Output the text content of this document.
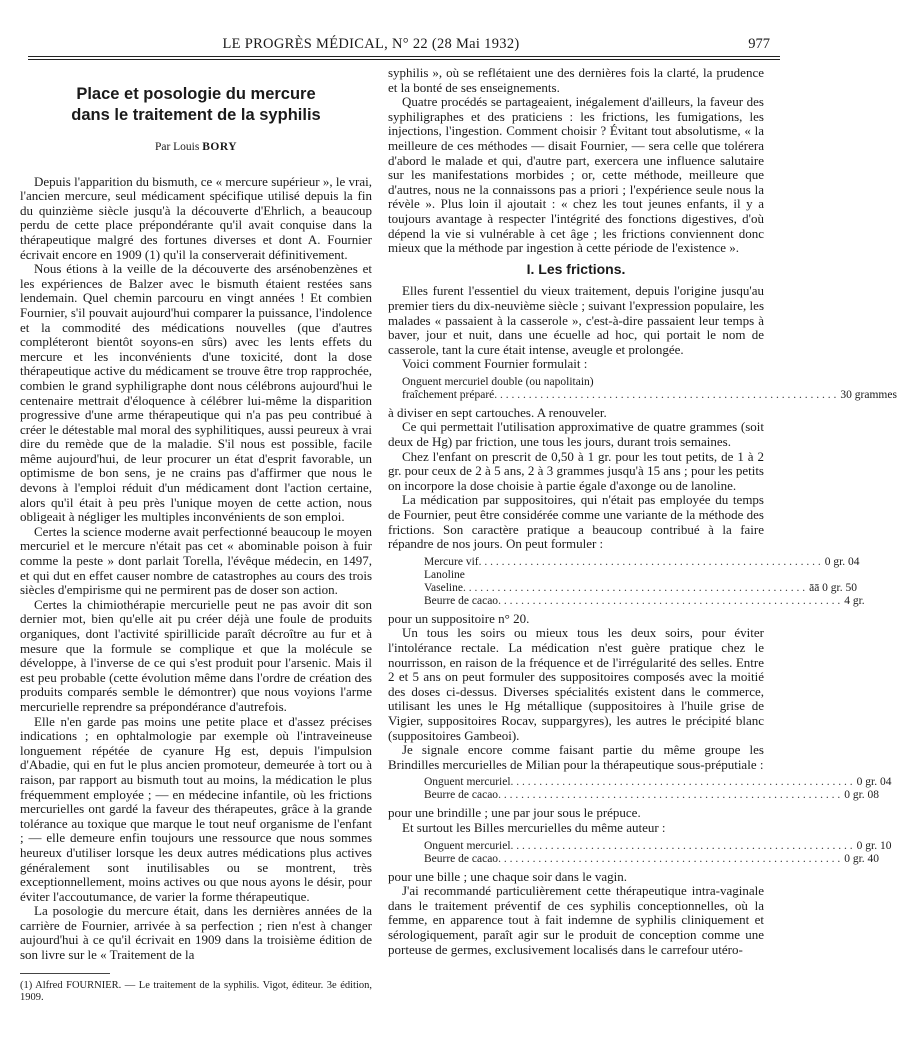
LE PROGRÈS MÉDICAL, N° 22 (28 Mai 1932)	977
Place et posologie du mercure
dans le traitement de la syphilis
Par Louis BORY

Depuis l'apparition du bismuth, ce « mercure supérieur », le vrai, l'ancien mercure, seul médicament spécifique utilisé depuis la fin du quinzième siècle jusqu'à la découverte d'Ehrlich, a beaucoup perdu de cette place prépondérante qu'il avait conquise dans la thérapeutique malgré des fortunes diverses et dont A. Fournier écrivait encore en 1909 (1) qu'il la conserverait définitivement.

Nous étions à la veille de la découverte des arsénobenzènes et les expériences de Balzer avec le bismuth étaient restées sans lendemain. Quel chemin parcouru en vingt années ! Et combien Fournier, s'il pouvait aujourd'hui comparer la puissance, l'indolence et la commodité des médications nouvelles (que d'autres compléteront bientôt soyons-en sûrs) avec les lents effets du mercure et les inconvénients d'une toxicité, dont la dose thérapeutique active du médicament se trouve être trop rapprochée, combien le grand syphiligraphe dont nous célébrons aujourd'hui le centenaire mettrait d'éloquence à célébrer lui-même la disparition progressive d'une arme thérapeutique qui n'a pas peu contribué à créer le détestable mal moral des syphilitiques, aussi peureux à vrai dire du remède que de la maladie. S'il nous est possible, facile même aujourd'hui, de leur procurer un état d'esprit favorable, un optimisme de bon sens, je ne crains pas d'affirmer que nous le devons à l'emploi réduit d'un médicament dont l'action certaine, alors qu'il était à peu près l'unique moyen de cette action, nous obligeait à négliger les multiples inconvénients de son emploi.

Certes la science moderne avait perfectionné beaucoup le moyen mercuriel et le mercure n'était pas cet « abominable poison à fuir comme la peste » dont parlait Torella, l'évêque médecin, en 1497, et qui dut en effet causer nombre de catastrophes au cours des trois siècles d'empirisme qui ne permirent pas de doser son action.

Certes la chimiothérapie mercurielle peut ne pas avoir dit son dernier mot, bien qu'elle ait pu créer déjà une foule de produits organiques, dont l'activité spirillicide paraît décroître au fur et à mesure que la formule se complique et que la molécule se développe, à l'inverse de ce qui s'est produit pour l'arsenic. Mais il est peu probable (cette évolution même dans l'ordre de création des produits comparés semble le démontrer) que nous voyions l'arme mercurielle reprendre sa prépondérance d'autrefois.

Elle n'en garde pas moins une petite place et d'assez précises indications ; en ophtalmologie par exemple où l'intraveineuse longuement répétée de cyanure Hg est, depuis l'impulsion d'Abadie, qui en fut le plus ancien promoteur, demeurée à tort ou à raison, par rapport au bismuth tout au moins, la médication le plus fréquemment employée ; — en médecine infantile, où les frictions mercurielles ont gardé la faveur des thérapeutes, grâce à la grande tolérance au toxique que marque le tout neuf organisme de l'enfant ; — elle demeure enfin toujours une ressource que nous sommes heureux d'utiliser lorsque les deux autres médications plus actives généralement sont inutilisables ou se montrent, très exceptionnellement, moins actives ou que nous ayons le désir, pour éviter l'accoutumance, de varier la forme thérapeutique.

La posologie du mercure était, dans les dernières années de la carrière de Fournier, arrivée à sa perfection ; rien n'est à changer aujourd'hui à ce qu'il écrivait en 1909 dans la troisième édition de son livre sur le « Traitement de la

(1) Alfred FOURNIER. — Le traitement de la syphilis. Vigot, éditeur. 3e édition, 1909.

syphilis », où se reflétaient une des dernières fois la clarté, la prudence et la bonté de ses enseignements.

Quatre procédés se partageaient, inégalement d'ailleurs, la faveur des syphiligraphes et des praticiens : les frictions, les fumigations, les injections, l'ingestion. Comment choisir ? Évitant tout absolutisme, « la meilleure de ces méthodes — disait Fournier, — sera celle que tolérera d'abord le malade et qui, d'autre part, exercera une influence salutaire sur les manifestations morbides ; or, cette méthode, meilleure que d'autres, nous ne la connaissons pas a priori ; l'expérience seule nous la révèle ». Plus loin il ajoutait : « chez les tout jeunes enfants, il y a toujours avantage à respecter l'intégrité des fonctions digestives, d'où dépend la vie si vulnérable à cet âge ; les frictions conviennent donc mieux que la méthode par ingestion à cette période de l'existence ».

I. Les frictions.

Elles furent l'essentiel du vieux traitement, depuis l'origine jusqu'au premier tiers du dix-neuvième siècle ; suivant l'expression populaire, les malades « passaient à la casserole », c'est-à-dire passaient leur temps à baver, jour et nuit, dans une écuelle ad hoc, qui portait le nom de casserole, tant la cure était intense, aveugle et prolongée.

Voici comment Fournier formulait :

Onguent mercuriel double (ou napolitain)
fraîchement préparé . . . . . . . . . . . . . . . . . . . . . . . . . . . . . . . . . . . . . . . . . . . . . . . . . . . . . . . . . . . . 30 grammes

à diviser en sept cartouches. A renouveler.

Ce qui permettait l'utilisation approximative de quatre grammes (soit deux de Hg) par friction, une tous les jours, durant trois semaines.

Chez l'enfant on prescrit de 0,50 à 1 gr. pour les tout petits, de 1 à 2 gr. pour ceux de 2 à 5 ans, 2 à 3 grammes jusqu'à 15 ans ; pour les petits on incorpore la dose choisie à partie égale d'axonge ou de lanoline.

La médication par suppositoires, qui n'était pas employée du temps de Fournier, peut être considérée comme une variante de la méthode des frictions. Son caractère pratique a beaucoup contribué à la faire répandre de nos jours. On peut formuler :

Mercure vif . . . . . . . . . . . . . . . . . . . . . . . . . . . . . . . . . . . . . . . . . . . . . . . . . . . . . . . . . . . . 0 gr. 04
Lanoline
Vaseline . . . . . . . . . . . . . . . . . . . . . . . . . . . . . . . . . . . . . . . . . . . . . . . . . . . . . . . . . . . . āā 0 gr. 50
Beurre de cacao . . . . . . . . . . . . . . . . . . . . . . . . . . . . . . . . . . . . . . . . . . . . . . . . . . . . . . . . . . . . 4 gr.

pour un suppositoire n° 20.

Un tous les soirs ou mieux tous les deux soirs, pour éviter l'intolérance rectale. La médication n'est guère pratique chez le nourrisson, en raison de la fréquence et de l'irrégularité des selles. Entre 2 et 5 ans on peut formuler des suppositoires composés avec la moitié des doses ci-dessus. Diverses spécialités existent dans le commerce, utilisant les unes le Hg métallique (suppositoires à l'huile grise de Vigier, suppositoires Rocav, suppargyres), les autres le précipité blanc (suppositoires Gambeoi).

Je signale encore comme faisant partie du même groupe les Brindilles mercurielles de Milian pour la thérapeutique sous-préputiale :

Onguent mercuriel . . . . . . . . . . . . . . . . . . . . . . . . . . . . . . . . . . . . . . . . . . . . . . . . . . . . . . . . . . . . 0 gr. 04
Beurre de cacao . . . . . . . . . . . . . . . . . . . . . . . . . . . . . . . . . . . . . . . . . . . . . . . . . . . . . . . . . . . . 0 gr. 08

pour une brindille ; une par jour sous le prépuce.

Et surtout les Billes mercurielles du même auteur :

Onguent mercuriel . . . . . . . . . . . . . . . . . . . . . . . . . . . . . . . . . . . . . . . . . . . . . . . . . . . . . . . . . . . . 0 gr. 10
Beurre de cacao . . . . . . . . . . . . . . . . . . . . . . . . . . . . . . . . . . . . . . . . . . . . . . . . . . . . . . . . . . . . 0 gr. 40

pour une bille ; une chaque soir dans le vagin.

J'ai recommandé particulièrement cette thérapeutique intra-vaginale dans le traitement préventif de ces syphilis conceptionnelles, où la femme, en apparence tout à fait indemne de syphilis cliniquement et sérologiquement, paraît agir sur le produit de conception comme une porteuse de germes, exclusivement localisés dans le carrefour utéro-
